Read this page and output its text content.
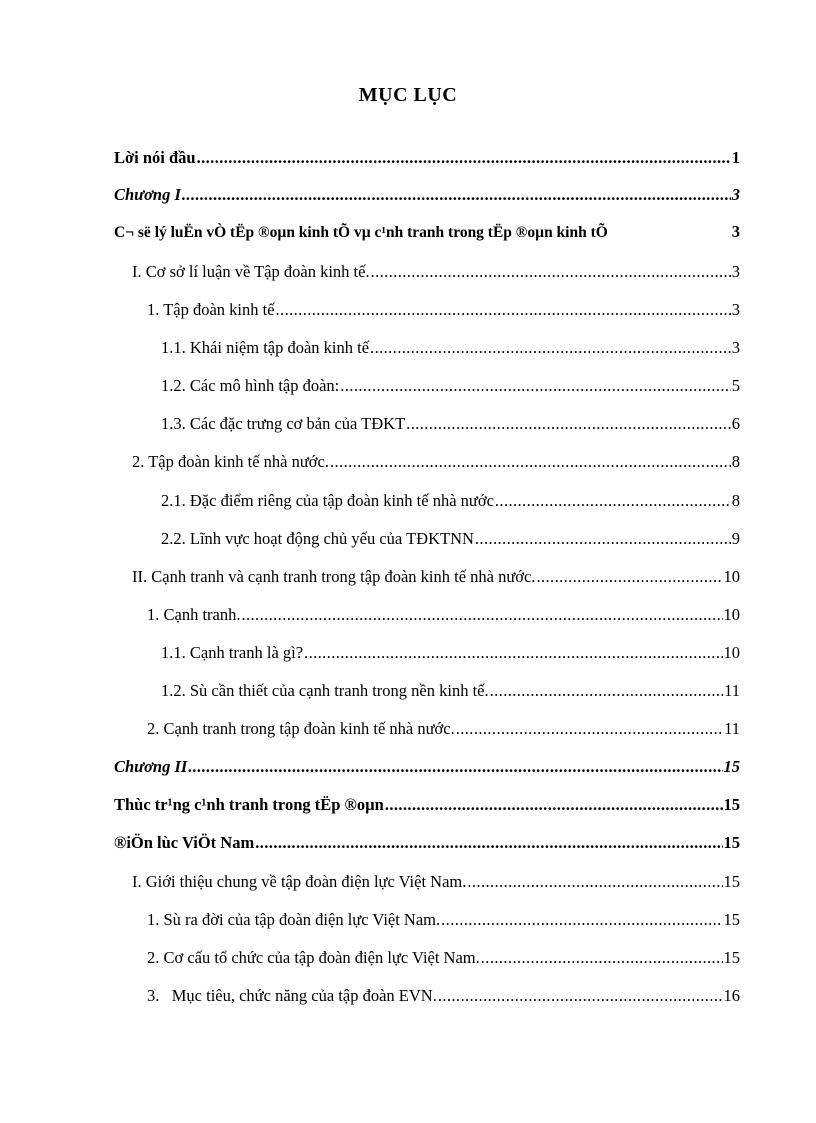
MỤC LỤC
Lời nói đầu .....	1
Chương I .....	3
C¬ së lý luËn vÒ tËp ®oµn kinh tÕ vµ c¹nh tranh trong tËp ®oµn kinh tÕ	3
I. Cơ sở lí luận về Tập đoàn kinh tế. .....	3
1. Tập đoàn kinh tế .....	3
1.1. Khái niệm tập đoàn kinh tế .....	3
1.2. Các mô hình tập đoàn: .....	5
1.3. Các đặc trưng cơ bản của TĐKT .....	6
2. Tập đoàn kinh tế nhà nước. .....	8
2.1. Đặc điểm riêng của tập đoàn kinh tế nhà nước .....	8
2.2. Lĩnh vực hoạt động chủ yếu của TĐKTNN .....	9
II. Cạnh tranh và cạnh tranh trong tập đoàn kinh tế nhà nước. .....	10
1. Cạnh tranh. .....	10
1.1. Cạnh tranh là gì? .....	10
1.2. Sù cần thiết của cạnh tranh trong nền kinh tế. .....	11
2. Cạnh tranh trong tập đoàn kinh tế nhà nước. .....	11
Chương II .....	15
Thùc tr¹ng c¹nh tranh trong tËp ®oµn .....	15
®iÖn lùc ViÖt Nam .....	15
I. Giới thiệu chung về tập đoàn điện lực Việt Nam. .....	15
1. Sù ra đời của tập đoàn điện lực Việt Nam. .....	15
2. Cơ cấu tổ chức của tập đoàn điện lực Việt Nam. .....	15
3.   Mục tiêu, chức năng của tập đoàn EVN. .....	16
